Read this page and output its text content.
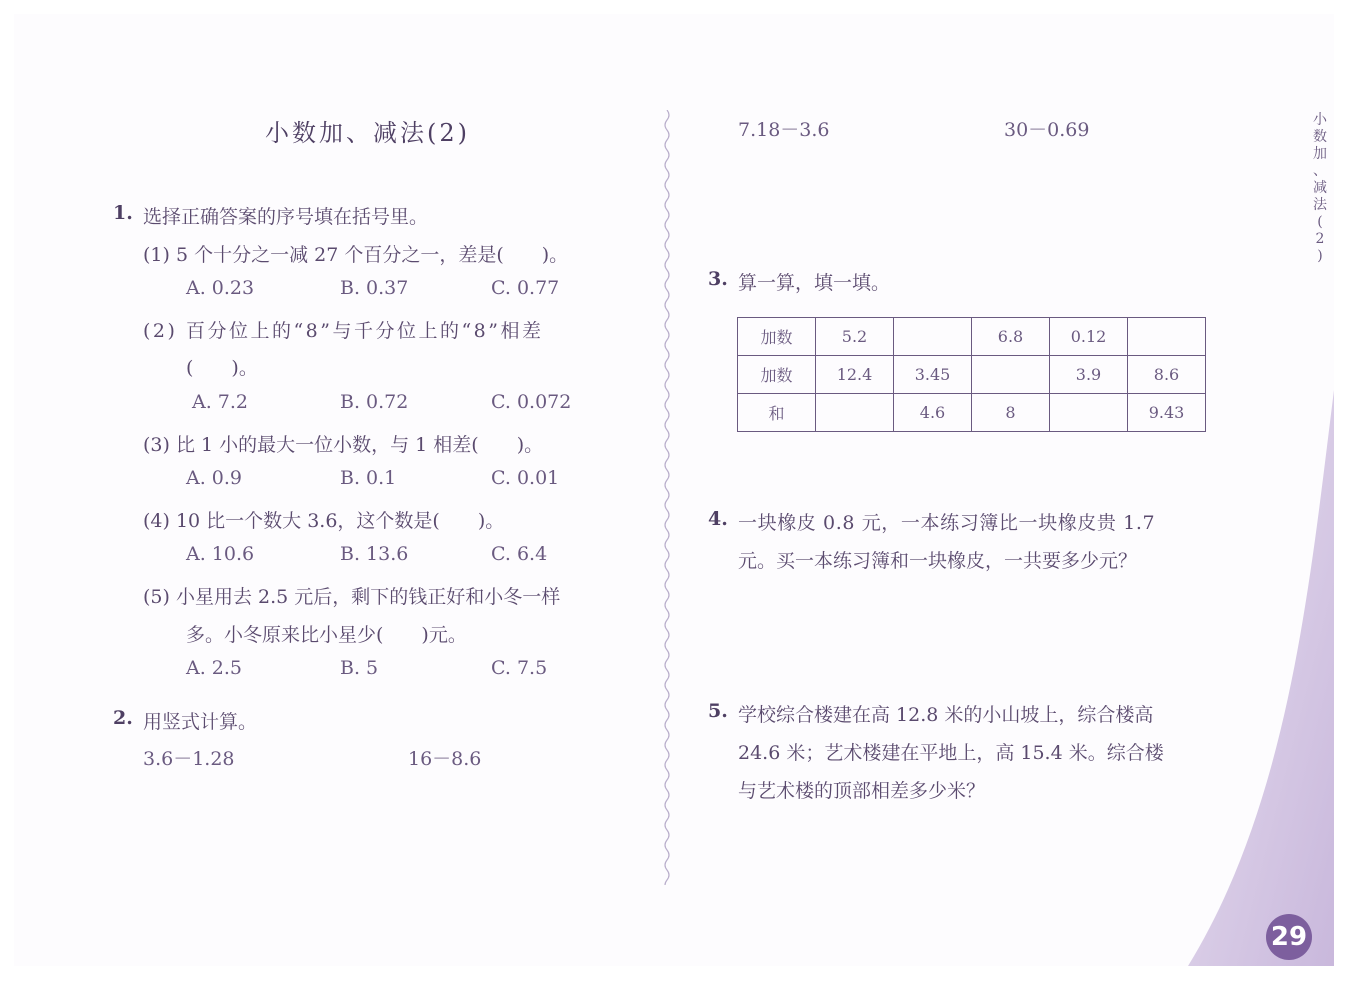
小数加、减法(2)
1. 选择正确答案的序号填在括号里。
(1) 5 个十分之一减 27 个百分之一，差是(　　)。
A. 0.23	B. 0.37	C. 0.77
(2) 百分位上的“8”与千分位上的“8”相差
(　　)。
A. 7.2	B. 0.72	C. 0.072
(3) 比 1 小的最大一位小数，与 1 相差(　　)。
A. 0.9	B. 0.1	C. 0.01
(4) 10 比一个数大 3.6，这个数是(　　)。
A. 10.6	B. 13.6	C. 6.4
(5) 小星用去 2.5 元后，剩下的钱正好和小冬一样
多。小冬原来比小星少(　　)元。
A. 2.5	B. 5	C. 7.5
2. 用竖式计算。
3.6－1.28	16－8.6
7.18－3.6	30－0.69
3. 算一算，填一填。
加数	5.2		6.8	0.12	
加数	12.4	3.45		3.9	8.6
和		4.6	8		9.43
4. 一块橡皮 0.8 元，一本练习簿比一块橡皮贵 1.7
元。买一本练习簿和一块橡皮，一共要多少元？
5. 学校综合楼建在高 12.8 米的小山坡上，综合楼高
24.6 米；艺术楼建在平地上，高 15.4 米。综合楼
与艺术楼的顶部相差多少米？
小
数
加
、
减
法
(
2
)
29
